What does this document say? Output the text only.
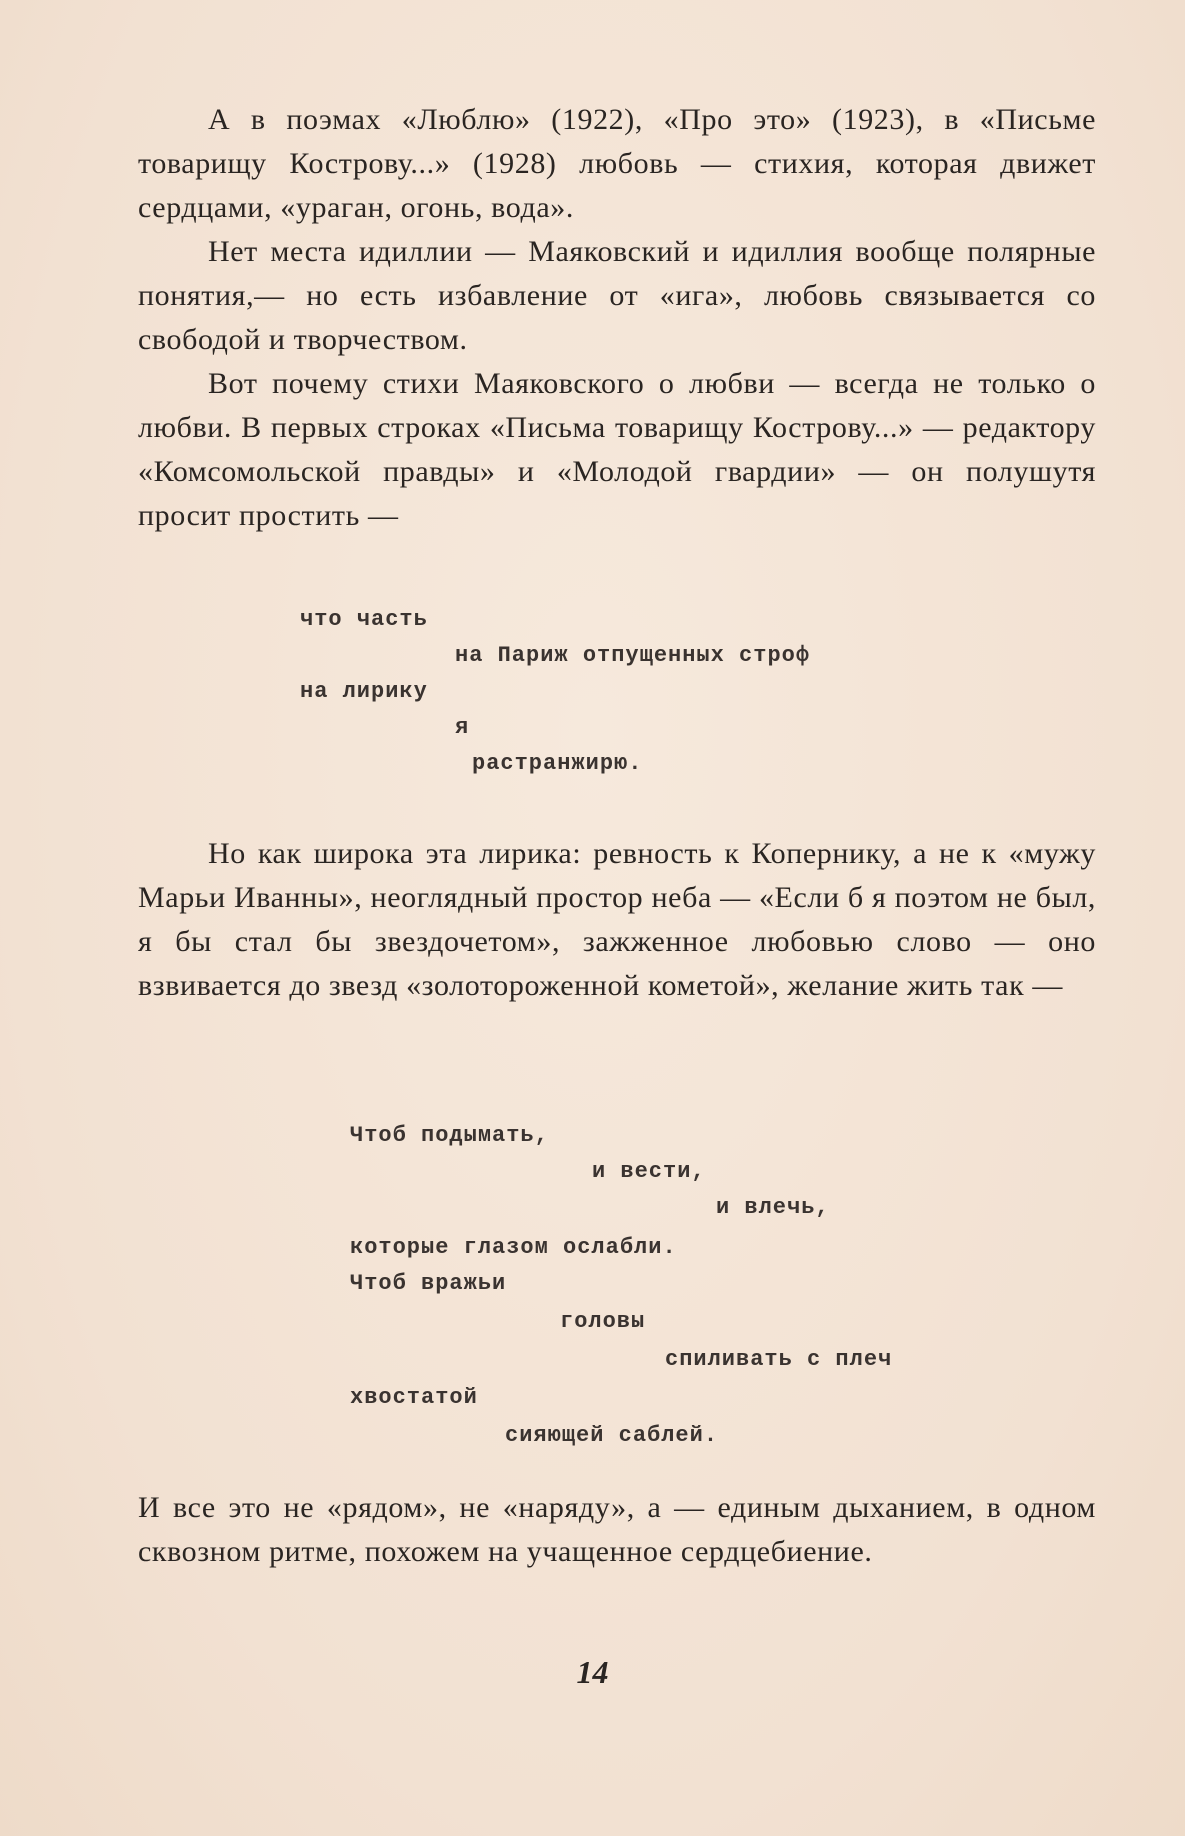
А в поэмах «Люблю» (1922), «Про это» (1923), в «Письме товарищу Кострову...» (1928) любовь — стихия, которая движет сердцами, «ураган, огонь, вода».

Нет места идиллии — Маяковский и идиллия вообще полярные понятия,— но есть избавление от «ига», любовь связывается со свободой и творчеством.

Вот почему стихи Маяковского о любви — всегда не только о любви. В первых строках «Письма товарищу Кострову...» — редактору «Комсомольской правды» и «Молодой гвардии» — он полушутя просит простить —

что часть
на Париж отпущенных строф
на лирику
я
растранжирю.

Но как широка эта лирика: ревность к Копернику, а не к «мужу Марьи Иванны», неоглядный простор неба — «Если б я поэтом не был, я бы стал бы звездочетом», зажженное любовью слово — оно взвивается до звезд «золотороженной кометой», желание жить так —

Чтоб подымать,
и вести,
и влечь,
которые глазом ослабли.
Чтоб вражьи
головы
спиливать с плеч
хвостатой
сияющей саблей.

И все это не «рядом», не «наряду», а — единым дыханием, в одном сквозном ритме, похожем на учащенное сердцебиение.

14
